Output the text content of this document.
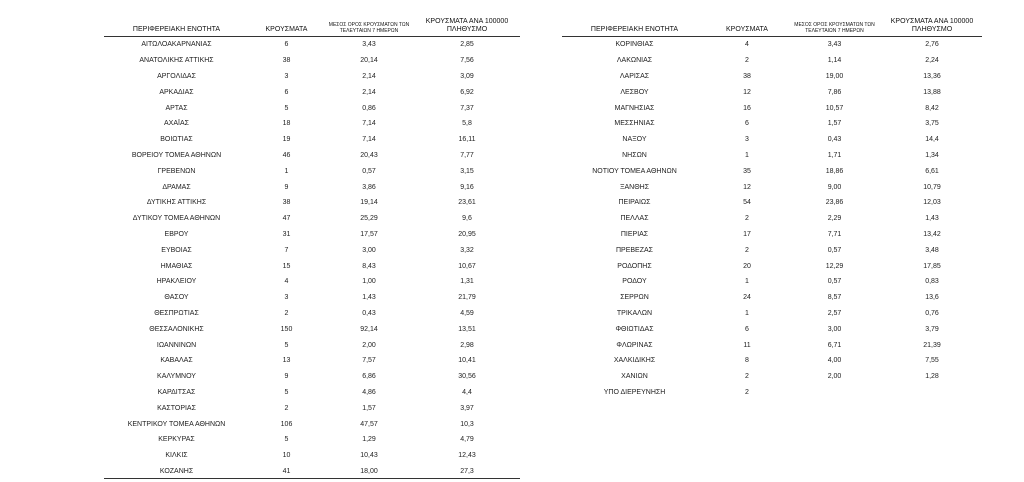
ΠΕΡΙΦΕΡΕΙΑΚΗ ΕΝΟΤΗΤΑ	ΚΡΟΥΣΜΑΤΑ	ΜΕΣΟΣ ΟΡΟΣ ΚΡΟΥΣΜΑΤΩΝ ΤΩΝ ΤΕΛΕΥΤΑΙΩΝ 7 ΗΜΕΡΩΝ	ΚΡΟΥΣΜΑΤΑ ΑΝΑ 100000 ΠΛΗΘΥΣΜΟ
ΑΙΤΩΛΟΑΚΑΡΝΑΝΙΑΣ	6	3,43	2,85
ΑΝΑΤΟΛΙΚΗΣ ΑΤΤΙΚΗΣ	38	20,14	7,56
ΑΡΓΟΛΙΔΑΣ	3	2,14	3,09
ΑΡΚΑΔΙΑΣ	6	2,14	6,92
ΑΡΤΑΣ	5	0,86	7,37
ΑΧΑΪΑΣ	18	7,14	5,8
ΒΟΙΩΤΙΑΣ	19	7,14	16,11
ΒΟΡΕΙΟΥ ΤΟΜΕΑ ΑΘΗΝΩΝ	46	20,43	7,77
ΓΡΕΒΕΝΩΝ	1	0,57	3,15
ΔΡΑΜΑΣ	9	3,86	9,16
ΔΥΤΙΚΗΣ ΑΤΤΙΚΗΣ	38	19,14	23,61
ΔΥΤΙΚΟΥ ΤΟΜΕΑ ΑΘΗΝΩΝ	47	25,29	9,6
ΕΒΡΟΥ	31	17,57	20,95
ΕΥΒΟΙΑΣ	7	3,00	3,32
ΗΜΑΘΙΑΣ	15	8,43	10,67
ΗΡΑΚΛΕΙΟΥ	4	1,00	1,31
ΘΑΣΟΥ	3	1,43	21,79
ΘΕΣΠΡΩΤΙΑΣ	2	0,43	4,59
ΘΕΣΣΑΛΟΝΙΚΗΣ	150	92,14	13,51
ΙΩΑΝΝΙΝΩΝ	5	2,00	2,98
ΚΑΒΑΛΑΣ	13	7,57	10,41
ΚΑΛΥΜΝΟΥ	9	6,86	30,56
ΚΑΡΔΙΤΣΑΣ	5	4,86	4,4
ΚΑΣΤΟΡΙΑΣ	2	1,57	3,97
ΚΕΝΤΡΙΚΟΥ ΤΟΜΕΑ ΑΘΗΝΩΝ	106	47,57	10,3
ΚΕΡΚΥΡΑΣ	5	1,29	4,79
ΚΙΛΚΙΣ	10	10,43	12,43
ΚΟΖΑΝΗΣ	41	18,00	27,3
ΠΕΡΙΦΕΡΕΙΑΚΗ ΕΝΟΤΗΤΑ	ΚΡΟΥΣΜΑΤΑ	ΜΕΣΟΣ ΟΡΟΣ ΚΡΟΥΣΜΑΤΩΝ ΤΩΝ ΤΕΛΕΥΤΑΙΩΝ 7 ΗΜΕΡΩΝ	ΚΡΟΥΣΜΑΤΑ ΑΝΑ 100000 ΠΛΗΘΥΣΜΟ
ΚΟΡΙΝΘΙΑΣ	4	3,43	2,76
ΛΑΚΩΝΙΑΣ	2	1,14	2,24
ΛΑΡΙΣΑΣ	38	19,00	13,36
ΛΕΣΒΟΥ	12	7,86	13,88
ΜΑΓΝΗΣΙΑΣ	16	10,57	8,42
ΜΕΣΣΗΝΙΑΣ	6	1,57	3,75
ΝΑΞΟΥ	3	0,43	14,4
ΝΗΣΩΝ	1	1,71	1,34
ΝΟΤΙΟΥ ΤΟΜΕΑ ΑΘΗΝΩΝ	35	18,86	6,61
ΞΑΝΘΗΣ	12	9,00	10,79
ΠΕΙΡΑΙΩΣ	54	23,86	12,03
ΠΕΛΛΑΣ	2	2,29	1,43
ΠΙΕΡΙΑΣ	17	7,71	13,42
ΠΡΕΒΕΖΑΣ	2	0,57	3,48
ΡΟΔΟΠΗΣ	20	12,29	17,85
ΡΟΔΟΥ	1	0,57	0,83
ΣΕΡΡΩΝ	24	8,57	13,6
ΤΡΙΚΑΛΩΝ	1	2,57	0,76
ΦΘΙΩΤΙΔΑΣ	6	3,00	3,79
ΦΛΩΡΙΝΑΣ	11	6,71	21,39
ΧΑΛΚΙΔΙΚΗΣ	8	4,00	7,55
ΧΑΝΙΩΝ	2	2,00	1,28
ΥΠΟ ΔΙΕΡΕΥΝΗΣΗ	2		
